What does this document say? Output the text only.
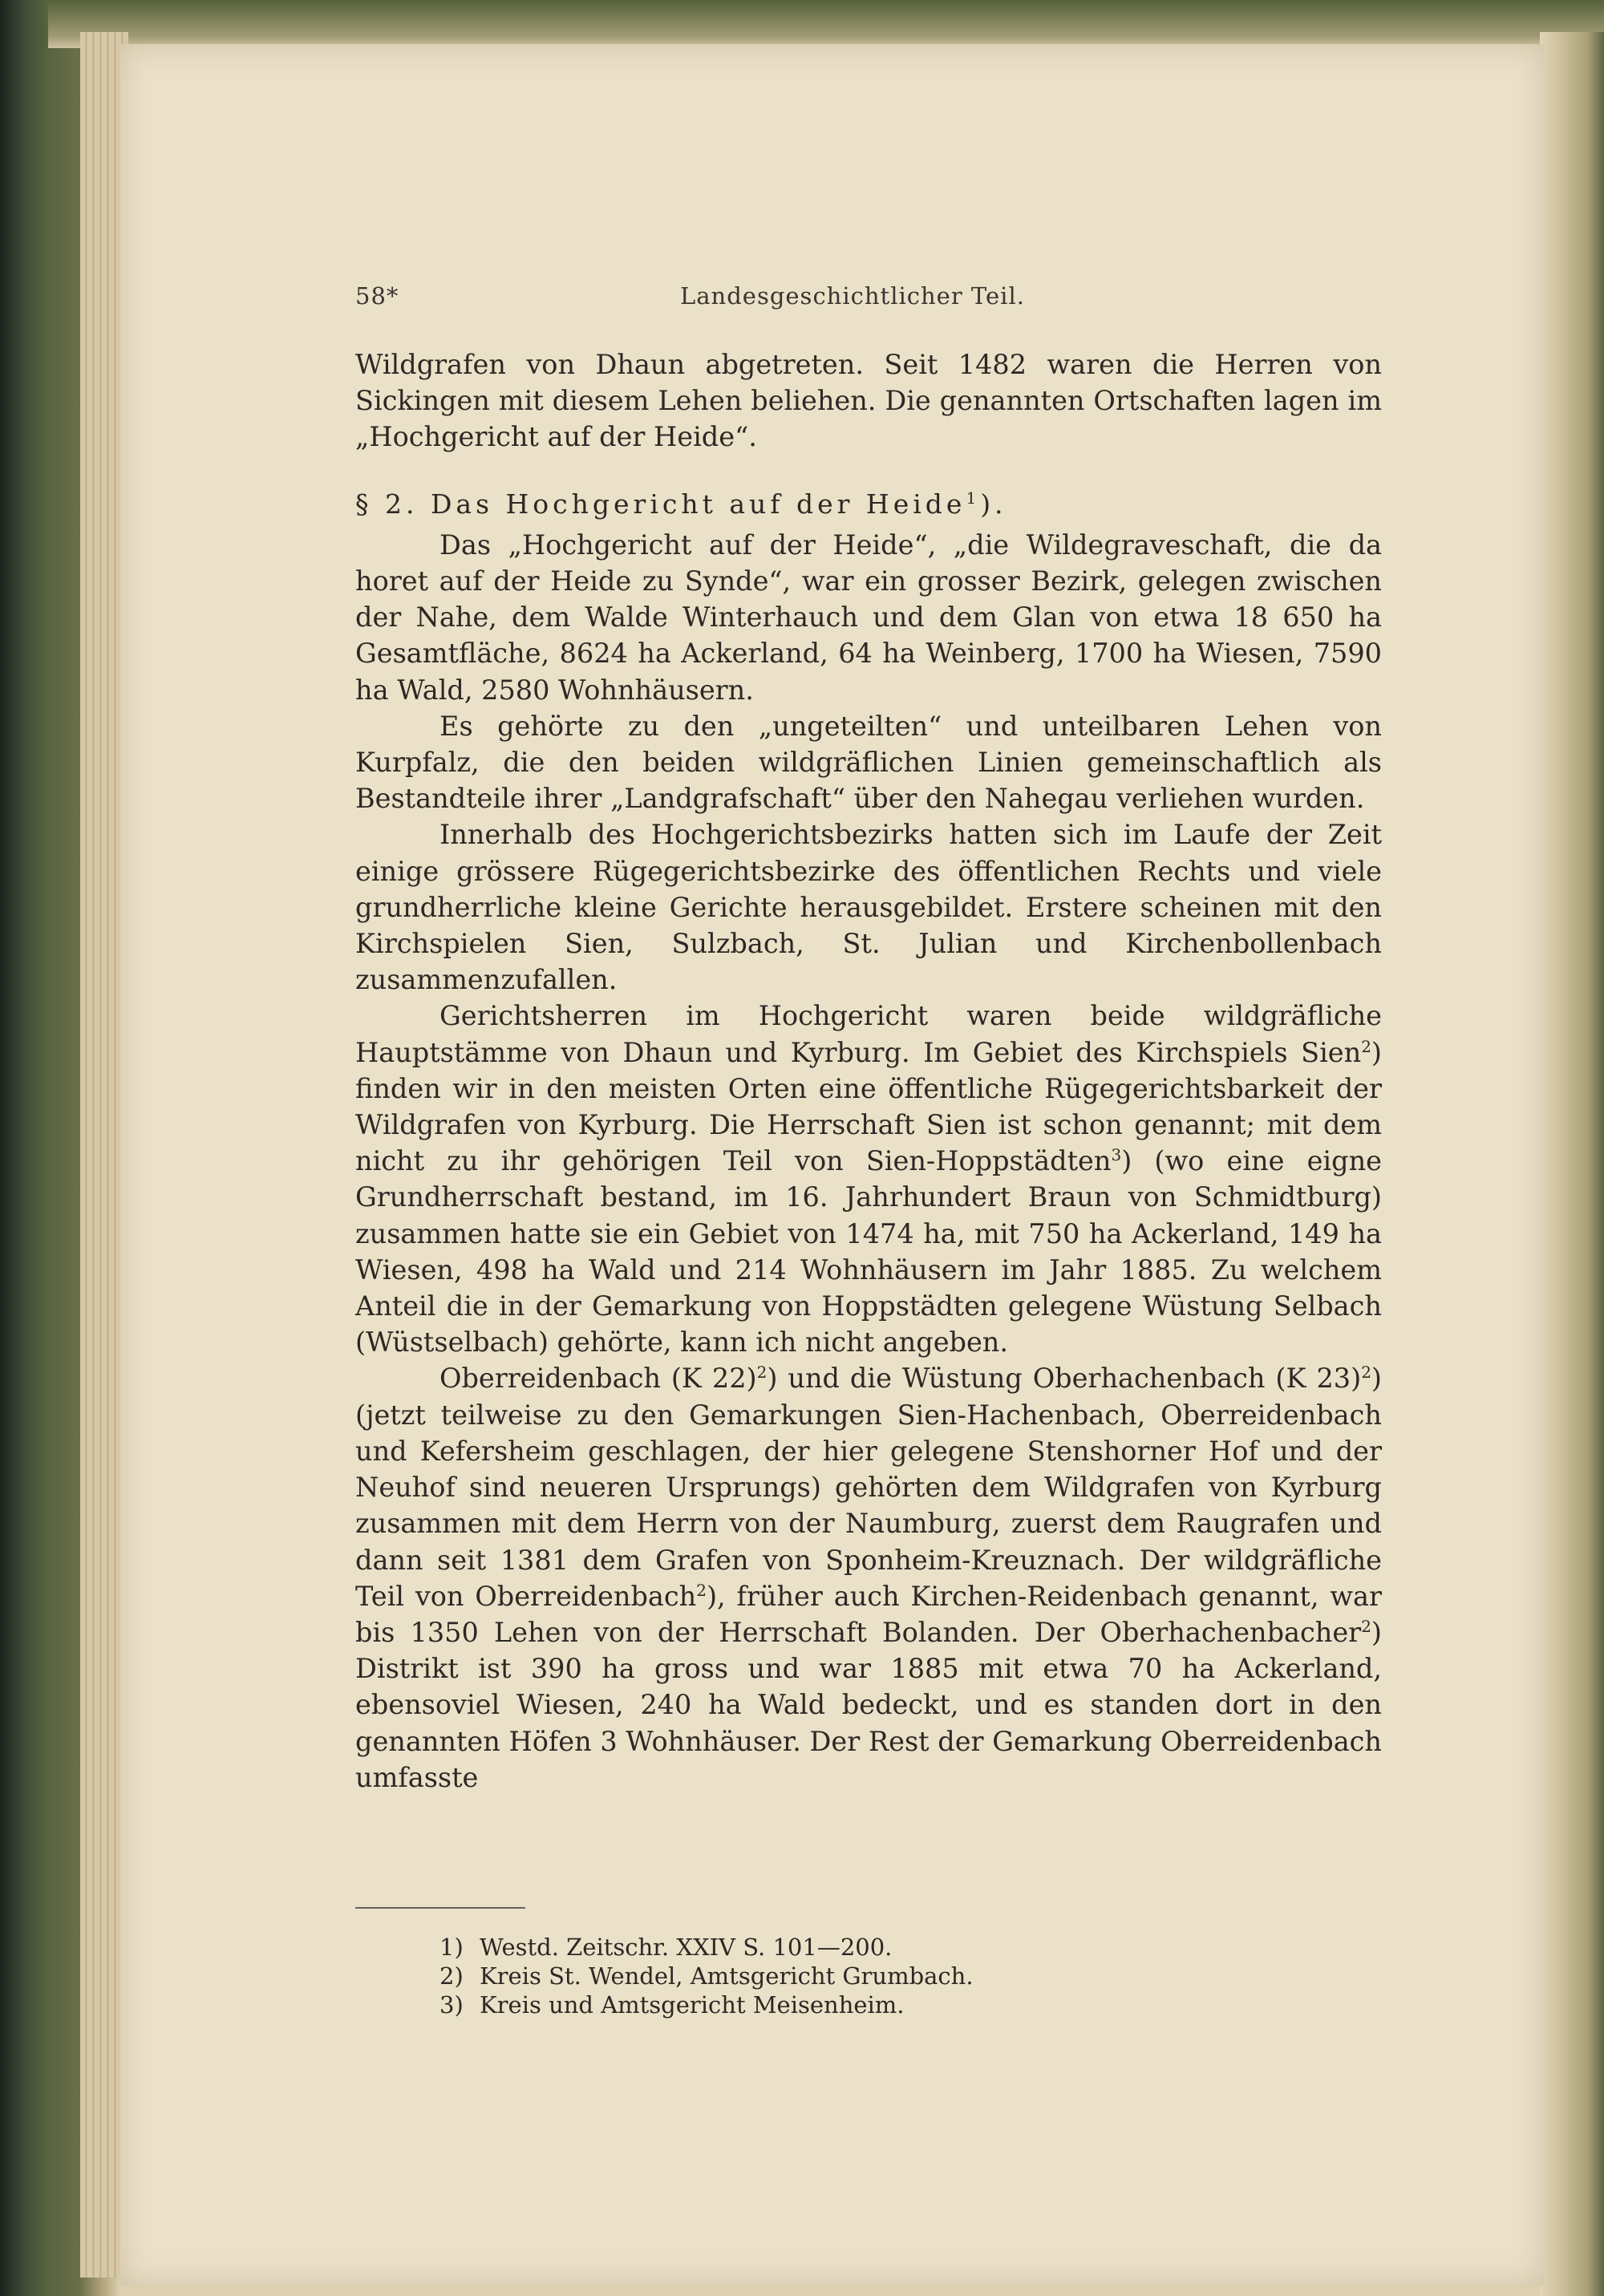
58*	Landesgeschichtlicher Teil.

Wildgrafen von Dhaun abgetreten. Seit 1482 waren die Herren von Sickingen mit diesem Lehen beliehen. Die genannten Ortschaften lagen im „Hochgericht auf der Heide“.

§ 2. Das Hochgericht auf der Heide$^1$).

Das „Hochgericht auf der Heide“, „die Wildegraveschaft, die da horet auf der Heide zu Synde“, war ein grosser Bezirk, gelegen zwischen der Nahe, dem Walde Winterhauch und dem Glan von etwa 18 650 ha Gesamtfläche, 8624 ha Ackerland, 64 ha Weinberg, 1700 ha Wiesen, 7590 ha Wald, 2580 Wohnhäusern.

Es gehörte zu den „ungeteilten“ und unteilbaren Lehen von Kurpfalz, die den beiden wildgräflichen Linien gemeinschaftlich als Bestandteile ihrer „Landgrafschaft“ über den Nahegau verliehen wurden.

Innerhalb des Hochgerichtsbezirks hatten sich im Laufe der Zeit einige grössere Rügegerichtsbezirke des öffentlichen Rechts und viele grundherrliche kleine Gerichte herausgebildet. Erstere scheinen mit den Kirchspielen Sien, Sulzbach, St. Julian und Kirchenbollenbach zusammenzufallen.

Gerichtsherren im Hochgericht waren beide wildgräfliche Hauptstämme von Dhaun und Kyrburg. Im Gebiet des Kirchspiels Sien$^2$) finden wir in den meisten Orten eine öffentliche Rügegerichtsbarkeit der Wildgrafen von Kyrburg. Die Herrschaft Sien ist schon genannt; mit dem nicht zu ihr gehörigen Teil von Sien-Hoppstädten$^3$) (wo eine eigne Grundherrschaft bestand, im 16. Jahrhundert Braun von Schmidtburg) zusammen hatte sie ein Gebiet von 1474 ha, mit 750 ha Ackerland, 149 ha Wiesen, 498 ha Wald und 214 Wohnhäusern im Jahr 1885. Zu welchem Anteil die in der Gemarkung von Hoppstädten gelegene Wüstung Selbach (Wüstselbach) gehörte, kann ich nicht angeben.

Oberreidenbach (K 22)$^2$) und die Wüstung Oberhachenbach (K 23)$^2$) (jetzt teilweise zu den Gemarkungen Sien-Hachenbach, Oberreidenbach und Kefersheim geschlagen, der hier gelegene Stenshorner Hof und der Neuhof sind neueren Ursprungs) gehörten dem Wildgrafen von Kyrburg zusammen mit dem Herrn von der Naumburg, zuerst dem Raugrafen und dann seit 1381 dem Grafen von Sponheim-Kreuznach. Der wildgräfliche Teil von Oberreidenbach$^2$), früher auch Kirchen-Reidenbach genannt, war bis 1350 Lehen von der Herrschaft Bolanden. Der Oberhachenbacher$^2$) Distrikt ist 390 ha gross und war 1885 mit etwa 70 ha Ackerland, ebensoviel Wiesen, 240 ha Wald bedeckt, und es standen dort in den genannten Höfen 3 Wohnhäuser. Der Rest der Gemarkung Oberreidenbach umfasste

1) Westd. Zeitschr. XXIV S. 101—200.
2) Kreis St. Wendel, Amtsgericht Grumbach.
3) Kreis und Amtsgericht Meisenheim.
